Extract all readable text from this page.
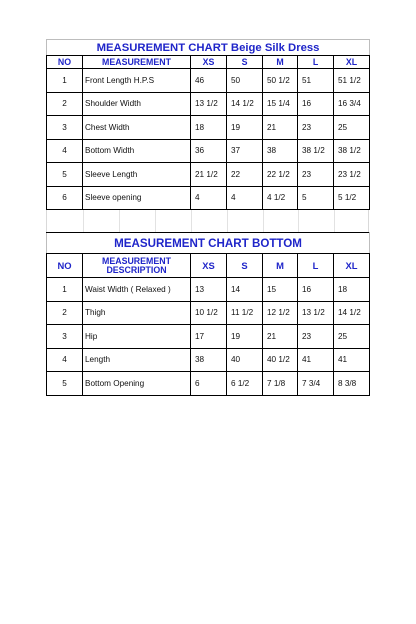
MEASUREMENT CHART Beige Silk Dress						
NO	MEASUREMENT	XS	S	M	L	XL
1	Front Length H.P.S	46	50	50 1/2	51	51 1/2
2	Shoulder Width	13 1/2	14 1/2	15 1/4	16	16 3/4
3	Chest Width	18	19	21	23	25
4	Bottom Width	36	37	38	38 1/2	38 1/2
5	Sleeve Length	21 1/2	22	22 1/2	23	23 1/2
6	Sleeve opening	4	4	4 1/2	5	5 1/2
MEASUREMENT CHART BOTTOM						
NO	MEASUREMENT DESCRIPTION	XS	S	M	L	XL
1	Waist Width ( Relaxed )	13	14	15	16	18
2	Thigh	10 1/2	11 1/2	12 1/2	13 1/2	14 1/2
3	Hip	17	19	21	23	25
4	Length	38	40	40 1/2	41	41
5	Bottom Opening	6	6 1/2	7 1/8	7 3/4	8 3/8
